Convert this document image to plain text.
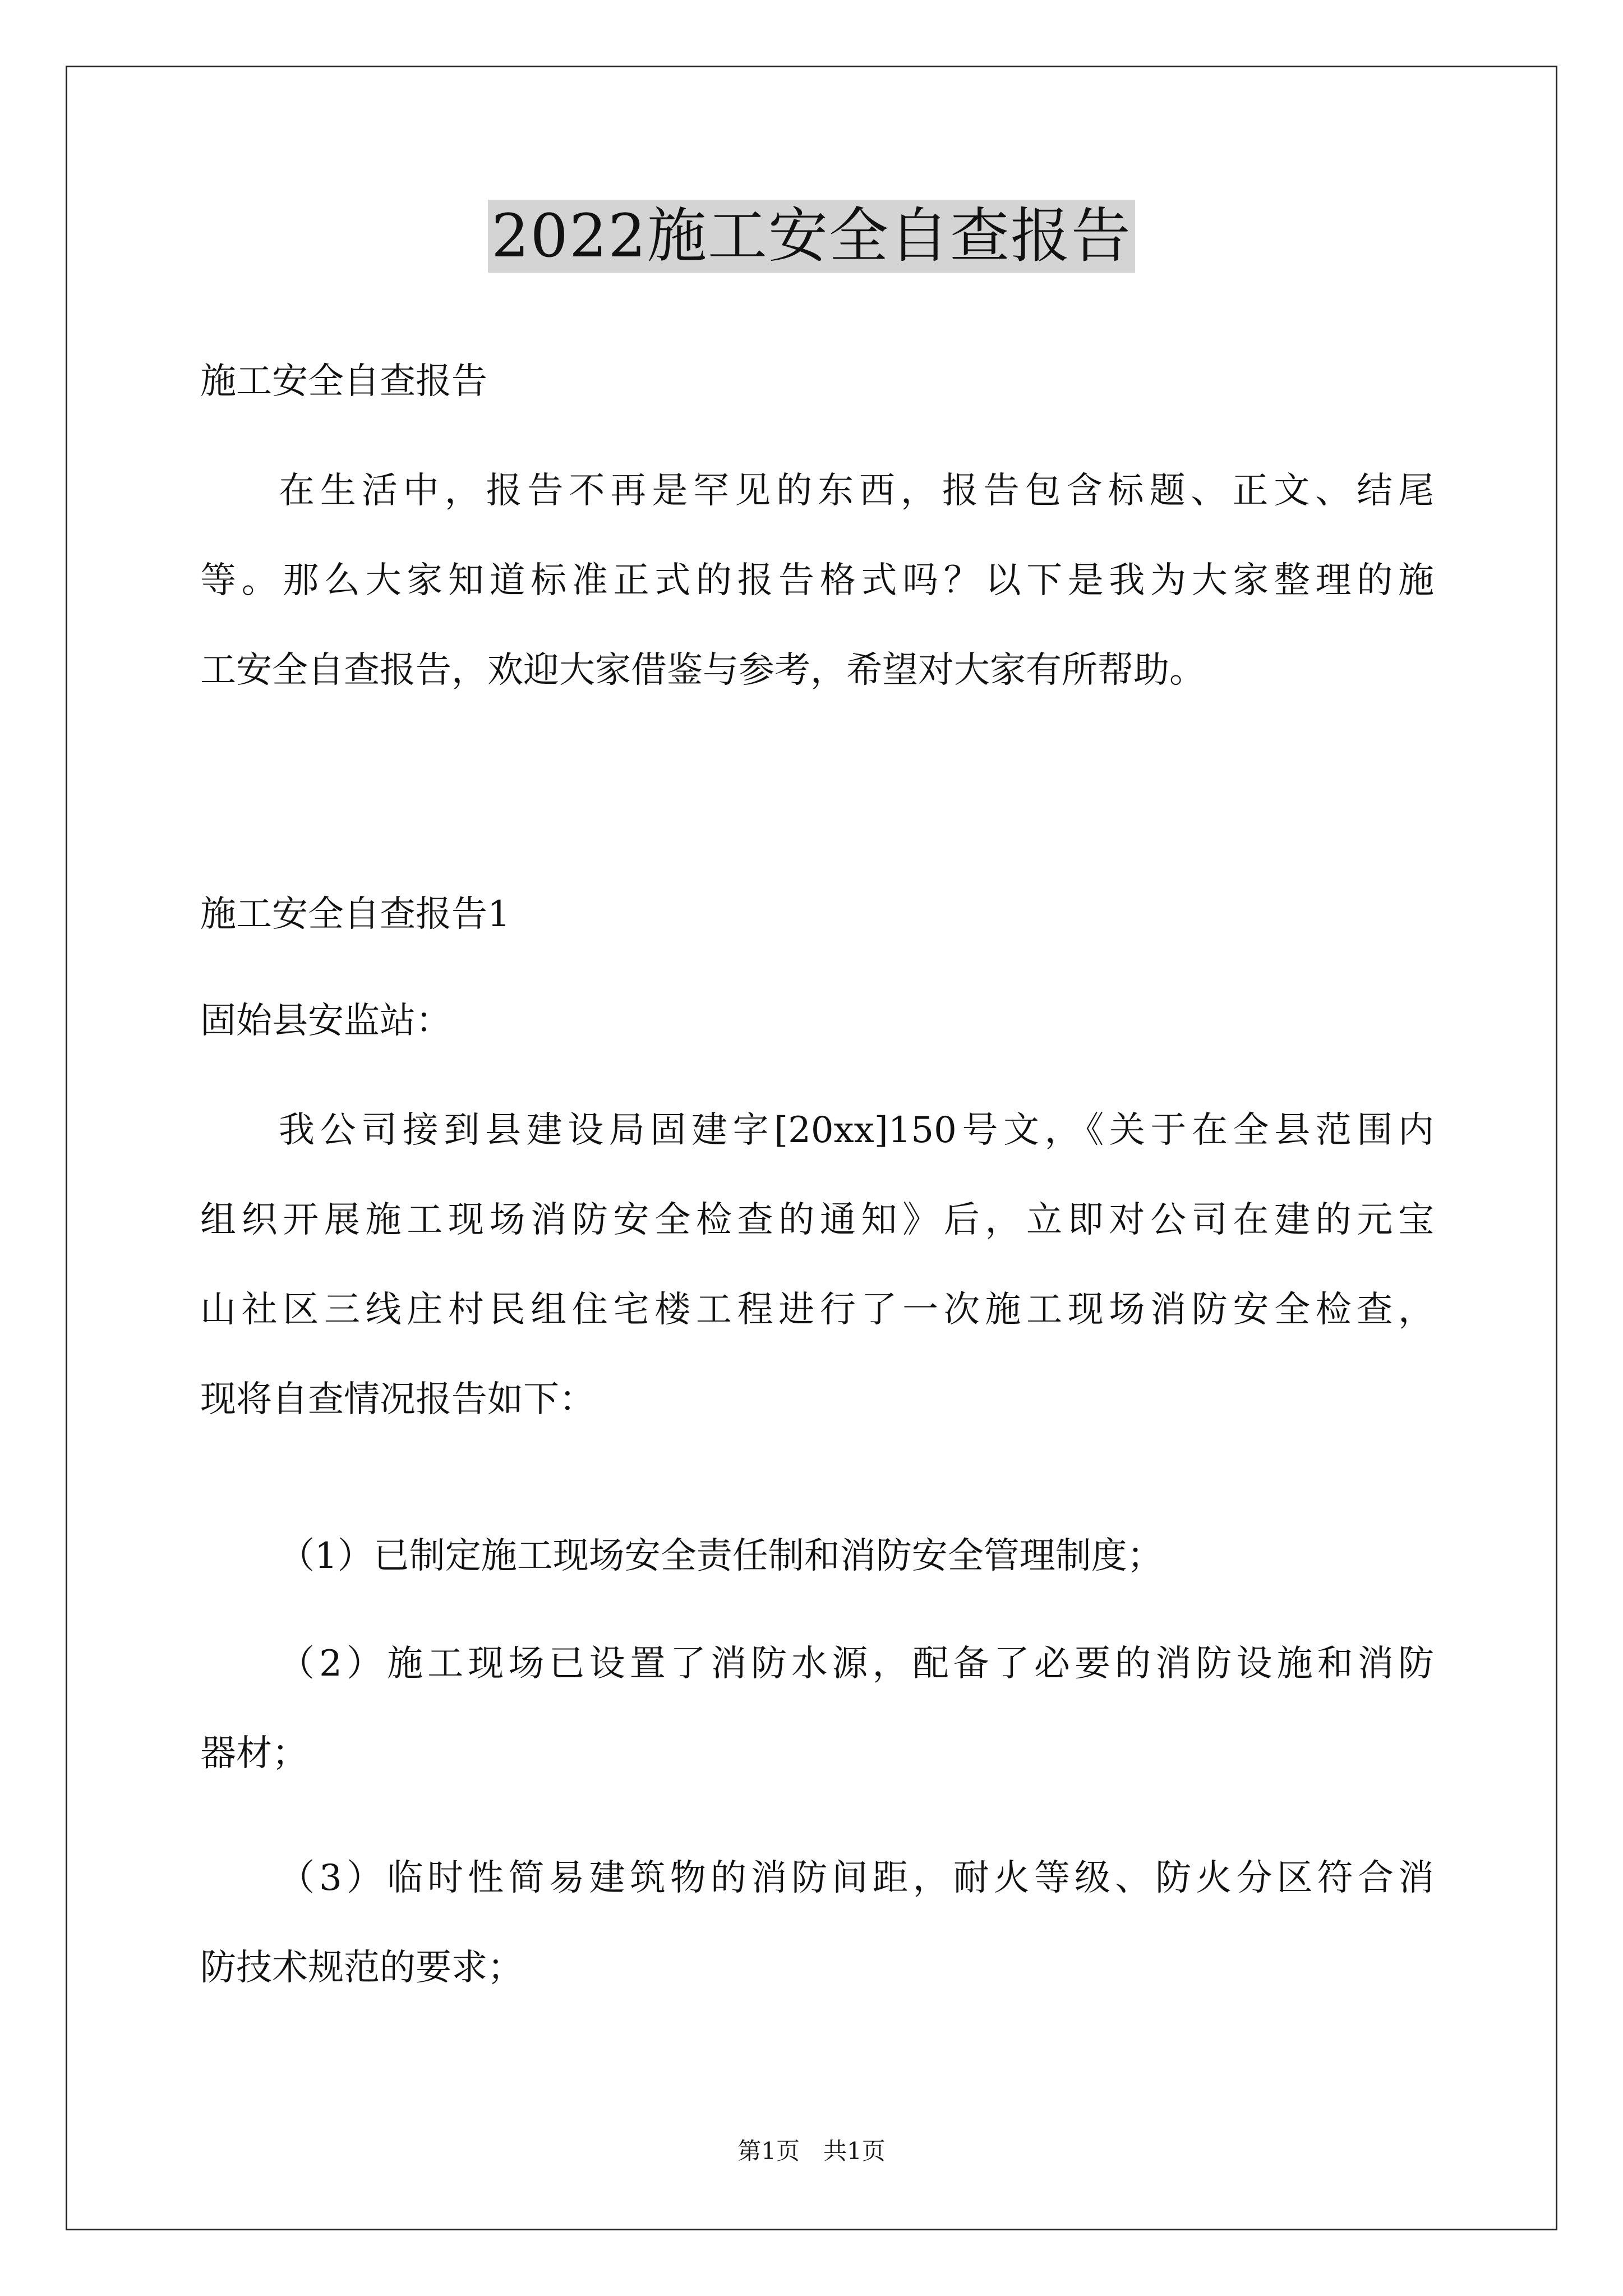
2022施工安全自查报告

施工安全自查报告

在生活中，报告不再是罕见的东西，报告包含标题、正文、结尾

等。那么大家知道标准正式的报告格式吗？以下是我为大家整理的施

工安全自查报告，欢迎大家借鉴与参考，希望对大家有所帮助。

施工安全自查报告1

固始县安监站：

我公司接到县建设局固建字[20xx]150号文，《关于在全县范围内

组织开展施工现场消防安全检查的通知》后，立即对公司在建的元宝

山社区三线庄村民组住宅楼工程进行了一次施工现场消防安全检查，

现将自查情况报告如下：

（1）已制定施工现场安全责任制和消防安全管理制度；

（2）施工现场已设置了消防水源，配备了必要的消防设施和消防

器材；

（3）临时性简易建筑物的消防间距，耐火等级、防火分区符合消

防技术规范的要求；

第1页　共1页
